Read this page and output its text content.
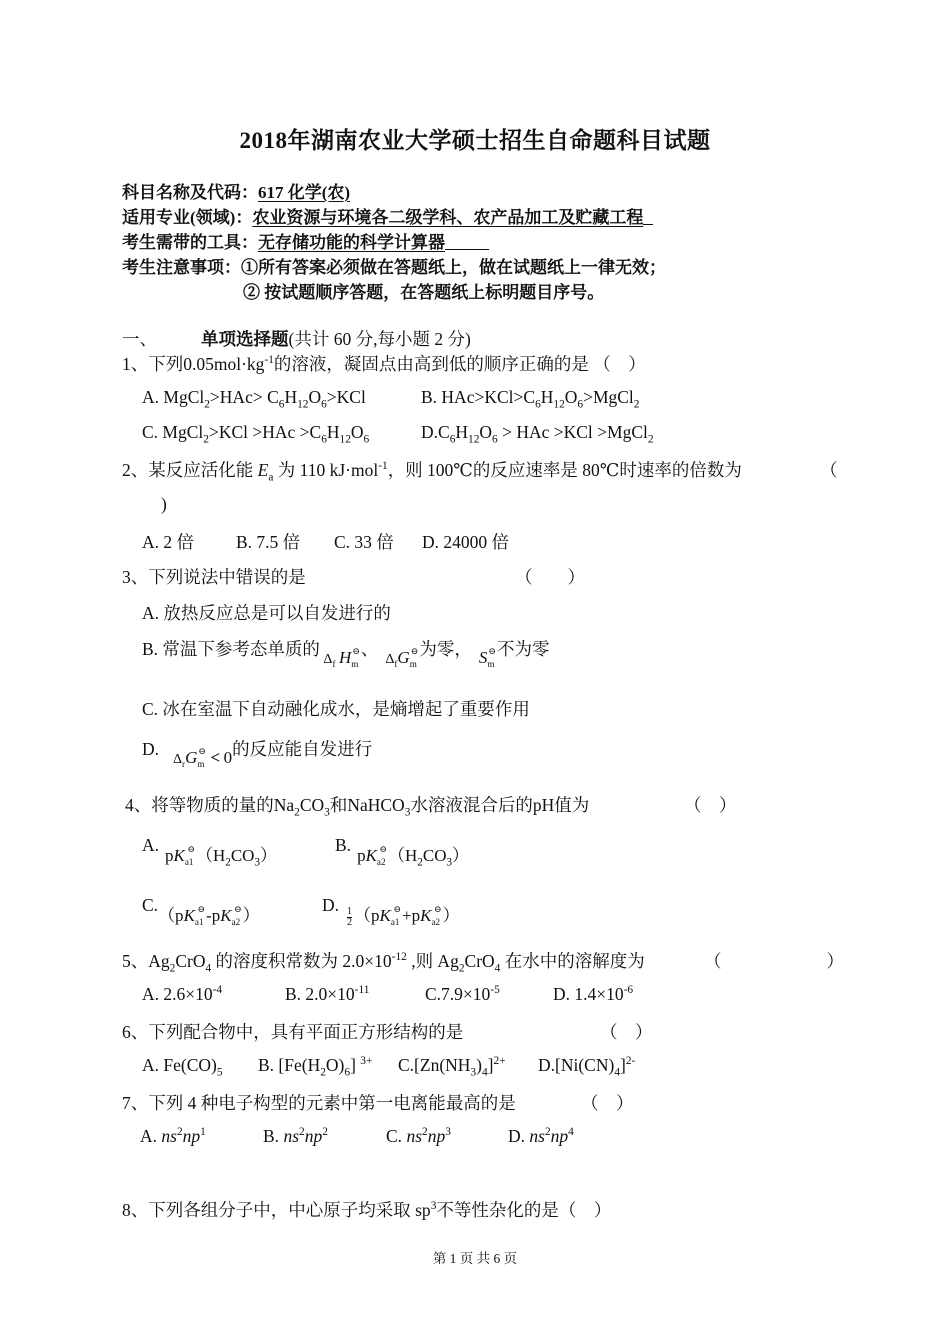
2018年湖南农业大学硕士招生自命题科目试题
科目名称及代码：617 化学(农)
适用专业(领域)：农业资源与环境各二级学科、农产品加工及贮藏工程
考生需带的工具：无存储功能的科学计算器
考生注意事项：①所有答案必须做在答题纸上，做在试题纸上一律无效；
② 按试题顺序答题，在答题纸上标明题目序号。
一、	单项选择题(共计 60 分,每小题 2 分)
1、下列$0.05mol\cdot kg^{-1}$的溶液，凝固点由高到低的顺序正确的是 （　）
A. MgCl$_2$>HAc> $C_6H_{12}O_6>KCl$	B. $HAc>KCl>C_6H_{12}O_6>MgCl_2$
C. MgCl$_2$>KCl $>HAc >C_6H_{12}O_6$	$D.C_6H_{12}O_6$ > HAc >KCl >MgCl$_2$
2、某反应活化能 $E_a$ 为 110 kJ·mol$^{-1}$，则 100℃的反应速率是 80℃时速率的倍数为	（
)
A. 2 倍 B. 7.5 倍 C. 33 倍 D. 24000 倍
3、下列说法中错误的是	（　　）
A. 放热反应总是可以自发进行的
B. 常温下参考态单质的 $_{\Delta_f H_m^⊖}$、  $_{\Delta_fG_m^⊖}$为零， $_{S_m^⊖}$不为零
C. 冰在室温下自动融化成水，是熵增起了重要作用
$D._{\Delta_rG_m^⊖ < 0}$的反应能自发进行
4、将等物质的量的$Na_2CO_3$和NaHCO$_3$水溶液混合后的pH值为	（　）
$A._{pK_{a1}^⊖(H_2CO_3)}$
$B._{pK_{a2}^⊖(H_2CO_3)}$
$C._{(pK_{a1}^⊖-pK_{a2}^⊖)}$
D.
$_{\frac{1}{2} (pK_{a1}^⊖+pK_{a2}^⊖)}$
5、$Ag_2CrO_4$ 的溶度积常数为 $2.0\times 10^{-12}$ ,则 $Ag_2CrO_4$ 在水中的溶解度为	（　　　　　　）
A. $2.6\times 10^{-4}$	B. $2.0\times 10^{-11}$	$C.7.9\times 10^{-5}$	D. $1.4\times 10^{-6}$
6、下列配合物中，具有平面正方形结构的是	（　）
A. $Fe(CO)_5$ B. $[Fe(H_2O)_6]$ $^{3+}$ $C.[Zn(NH_3)_4]^{2+}$ $D.[Ni(CN)_4]^{2-}$
7、下列 4 种电子构型的元素中第一电离能最高的是	（　）
A. $ns^2np^1$	B. $ns^2np^2$	C. $ns^2np^3$	D. $ns^2np^4$
8、下列各组分子中，中心原子均采取 $sp^3$不等性杂化的是（　）
第 1 页 共 6 页
